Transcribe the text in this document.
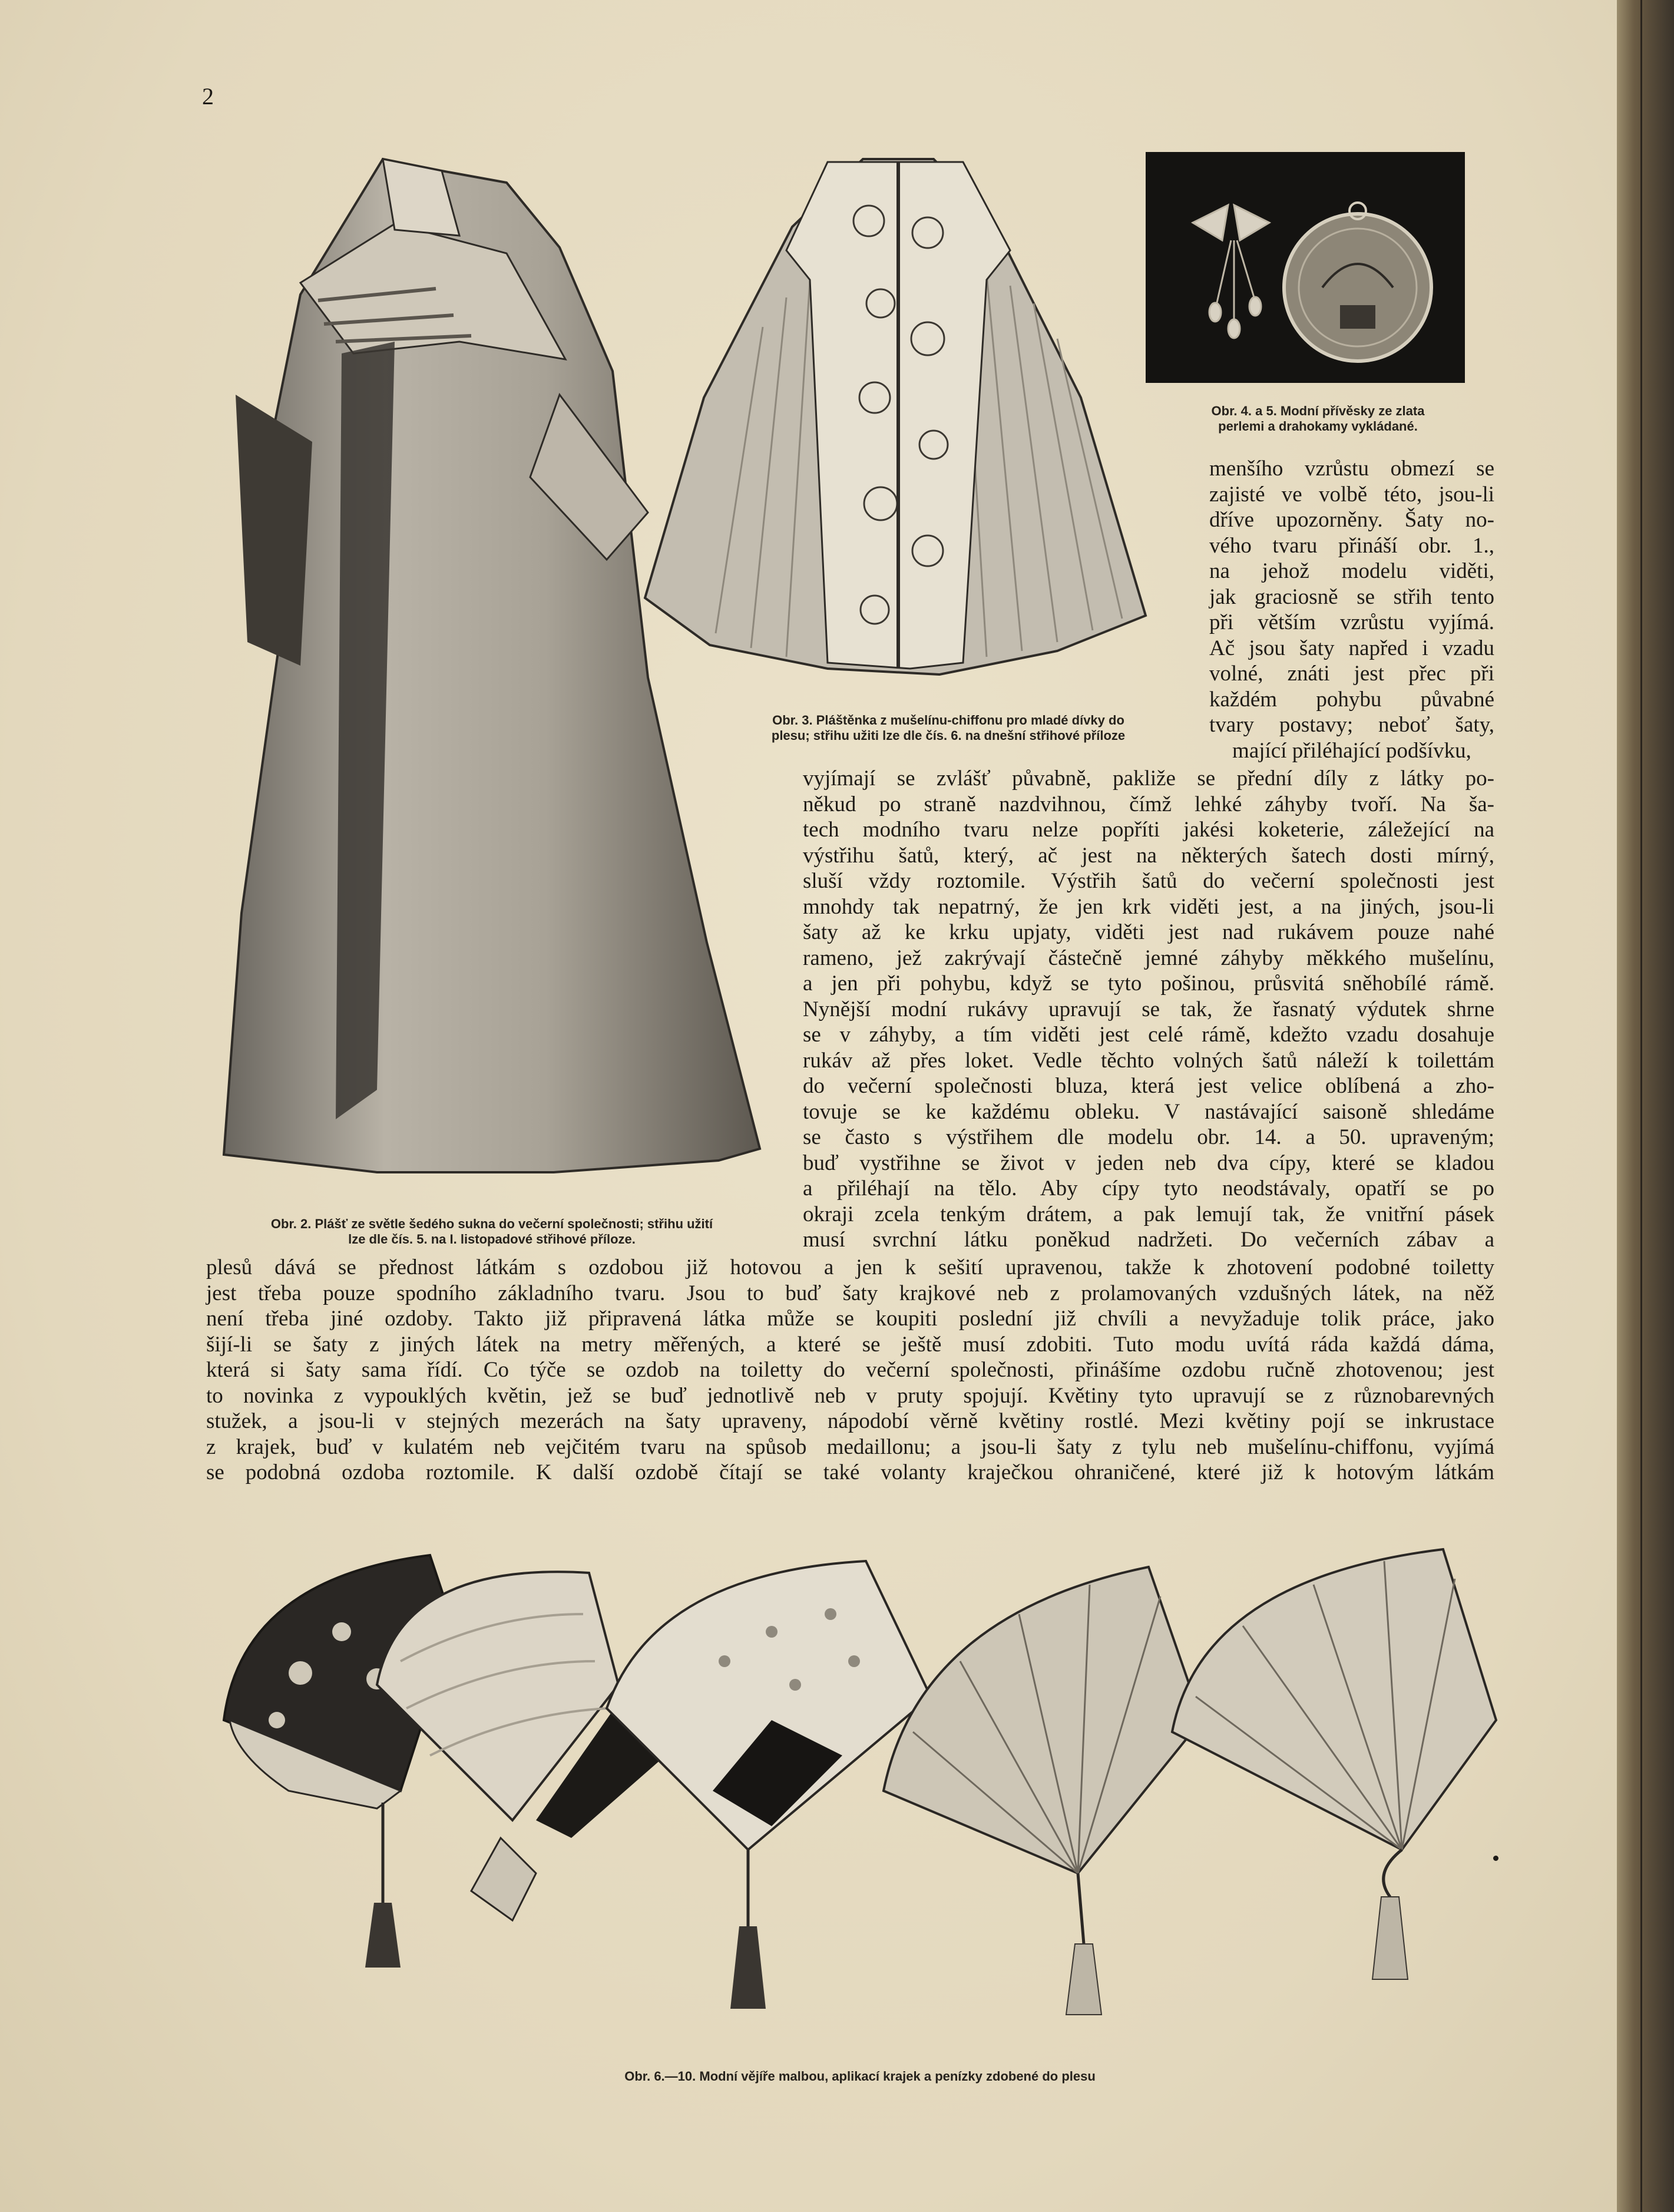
2
Obr. 2. Plášť ze světle šedého sukna do večerní společnosti; střihu užití
lze dle čís. 5. na I. listopadové střihové příloze.
Obr. 3. Pláštěnka z mušelínu-chiffonu pro mladé dívky do
plesu; střihu užiti lze dle čís. 6. na dnešní střihové příloze
Obr. 4. a 5. Modní přívěsky ze zlata
perlemi a drahokamy vykládané.

menšího vzrůstu obmezí se

zajisté ve volbě této, jsou-li

dříve upozorněny. Šaty no-

vého tvaru přináší obr. 1.,

na jehož modelu viděti,

jak graciosně se střih tento

při větším vzrůstu vyjímá.

Ač jsou šaty napřed i vzadu

volné, znáti jest přec při

každém pohybu půvabné

tvary postavy; neboť šaty,

mající přiléhající podšívku,

vyjímají se zvlášť půvabně, pakliže se přední díly z látky po-

někud po straně nazdvihnou, čímž lehké záhyby tvoří. Na ša-

tech modního tvaru nelze popříti jakési koketerie, záležející na

výstřihu šatů, který, ač jest na některých šatech dosti mírný,

sluší vždy roztomile. Výstřih šatů do večerní společnosti jest

mnohdy tak nepatrný, že jen krk viděti jest, a na jiných, jsou-li

šaty až ke krku upjaty, viděti jest nad rukávem pouze nahé

rameno, jež zakrývají částečně jemné záhyby měkkého mušelínu,

a jen při pohybu, když se tyto pošinou, průsvitá sněhobílé rámě.

Nynější modní rukávy upravují se tak, že řasnatý výdutek shrne

se v záhyby, a tím viděti jest celé rámě, kdežto vzadu dosahuje

rukáv až přes loket. Vedle těchto volných šatů náleží k toilettám

do večerní společnosti bluza, která jest velice oblíbená a zho-

tovuje se ke každému obleku. V nastávající saisoně shledáme

se často s výstřihem dle modelu obr. 14. a 50. upraveným;

buď vystřihne se život v jeden neb dva cípy, které se kladou

a přiléhají na tělo. Aby cípy tyto neodstávaly, opatří se po

okraji zcela tenkým drátem, a pak lemují tak, že vnitřní pásek

musí svrchní látku poněkud nadržeti. Do večerních zábav a

plesů dává se přednost látkám s ozdobou již hotovou a jen k sešití upravenou, takže k zhotovení podobné toiletty

jest třeba pouze spodního základního tvaru. Jsou to buď šaty krajkové neb z prolamovaných vzdušných látek, na něž

není třeba jiné ozdoby. Takto již připravená látka může se koupiti poslední již chvíli a nevyžaduje tolik práce, jako

šijí-li se šaty z jiných látek na metry měřených, a které se ještě musí zdobiti. Tuto modu uvítá ráda každá dáma,

která si šaty sama řídí. Co týče se ozdob na toiletty do večerní společnosti, přinášíme ozdobu ručně zhotovenou; jest

to novinka z vypouklých květin, jež se buď jednotlivě neb v pruty spojují. Květiny tyto upravují se z různobarevných

stužek, a jsou-li v stejných mezerách na šaty upraveny, nápodobí věrně květiny rostlé. Mezi květiny pojí se inkrustace

z krajek, buď v kulatém neb vejčitém tvaru na spůsob medaillonu; a jsou-li šaty z tylu neb mušelínu-chiffonu, vyjímá

se podobná ozdoba roztomile. K další ozdobě čítají se také volanty kraječkou ohraničené, které již k hotovým látkám

Obr. 6.—10. Modní vějíře malbou, aplikací krajek a penízky zdobené do plesu
